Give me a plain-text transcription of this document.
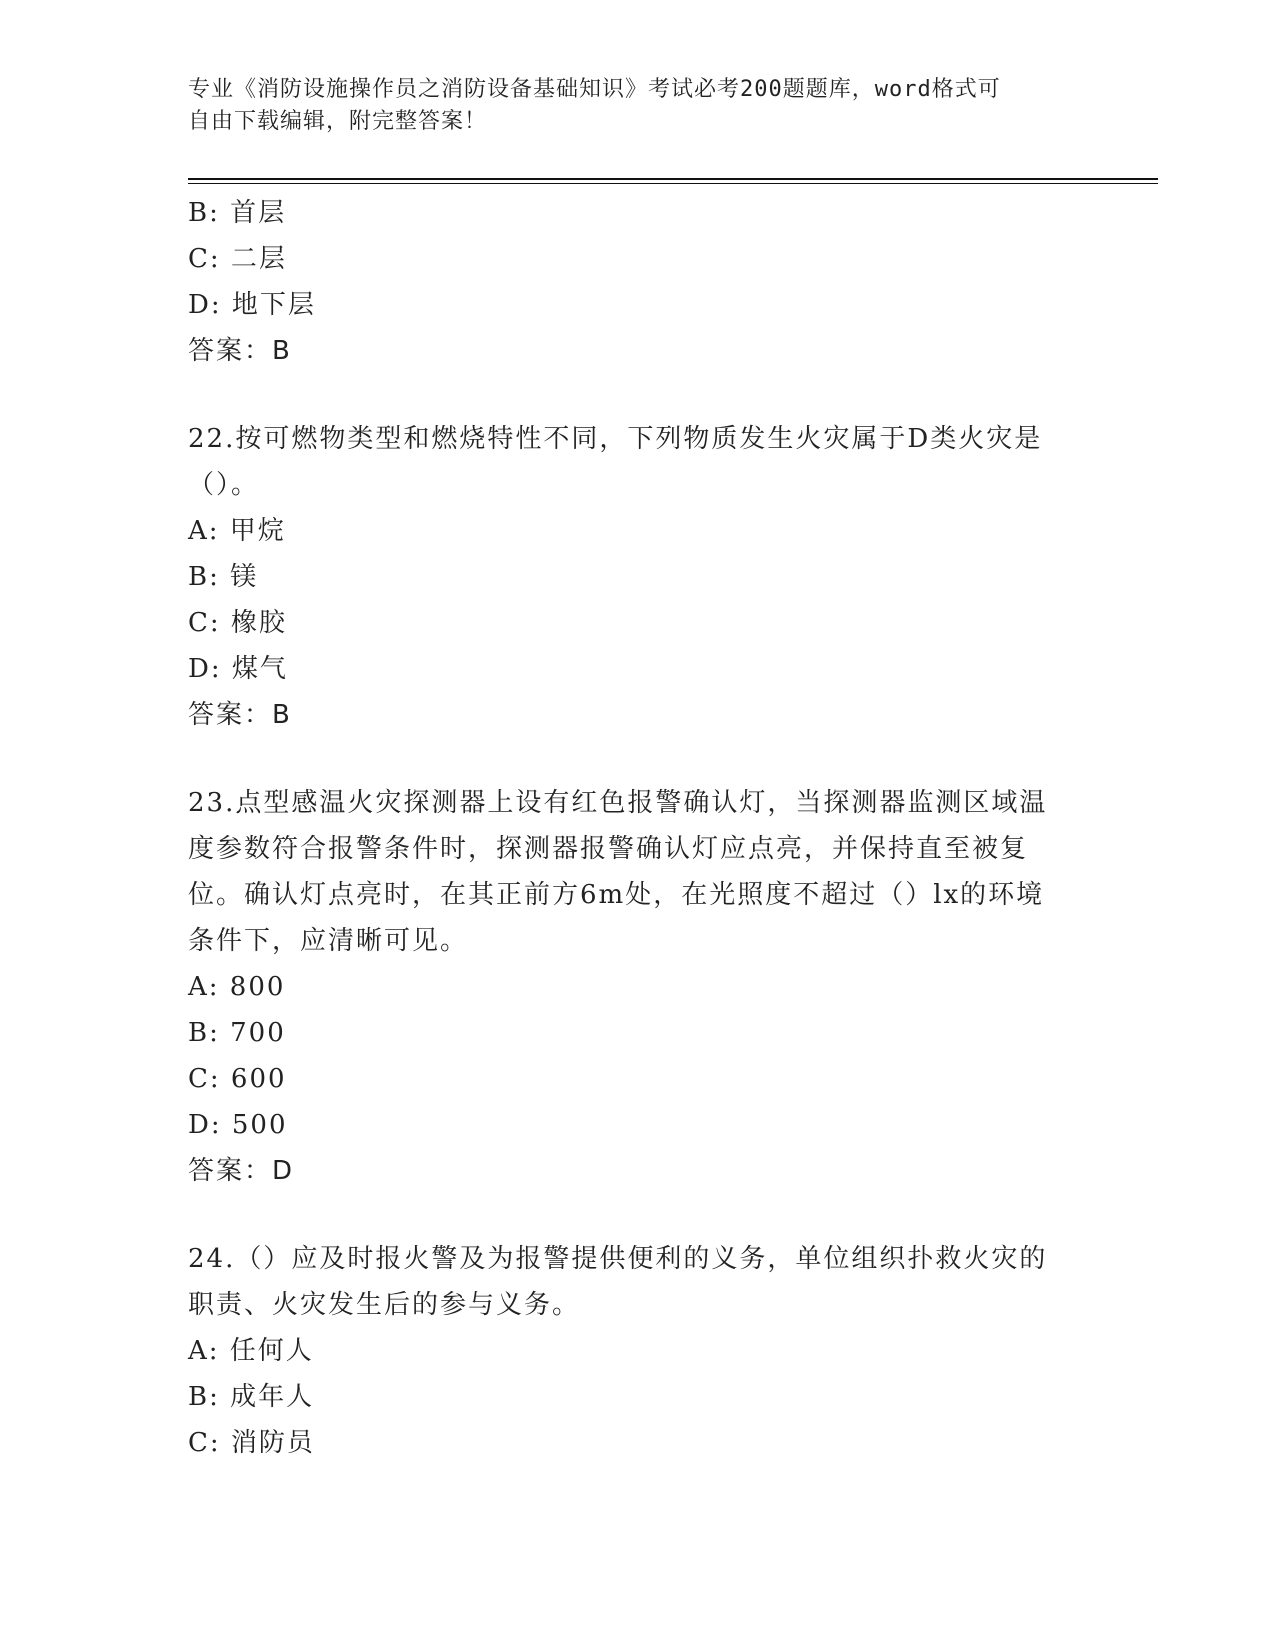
专业《消防设施操作员之消防设备基础知识》考试必考200题题库，word格式可
自由下载编辑，附完整答案！
B: 首层
C: 二层
D: 地下层
答案：B
22.按可燃物类型和燃烧特性不同，下列物质发生火灾属于D类火灾是
（）。
A: 甲烷
B: 镁
C: 橡胶
D: 煤气
答案：B
23.点型感温火灾探测器上设有红色报警确认灯，当探测器监测区域温
度参数符合报警条件时，探测器报警确认灯应点亮，并保持直至被复
位。确认灯点亮时，在其正前方6m处，在光照度不超过（）lx的环境
条件下，应清晰可见。
A: 800
B: 700
C: 600
D: 500
答案：D
24.（）应及时报火警及为报警提供便利的义务，单位组织扑救火灾的
职责、火灾发生后的参与义务。
A: 任何人
B: 成年人
C: 消防员
